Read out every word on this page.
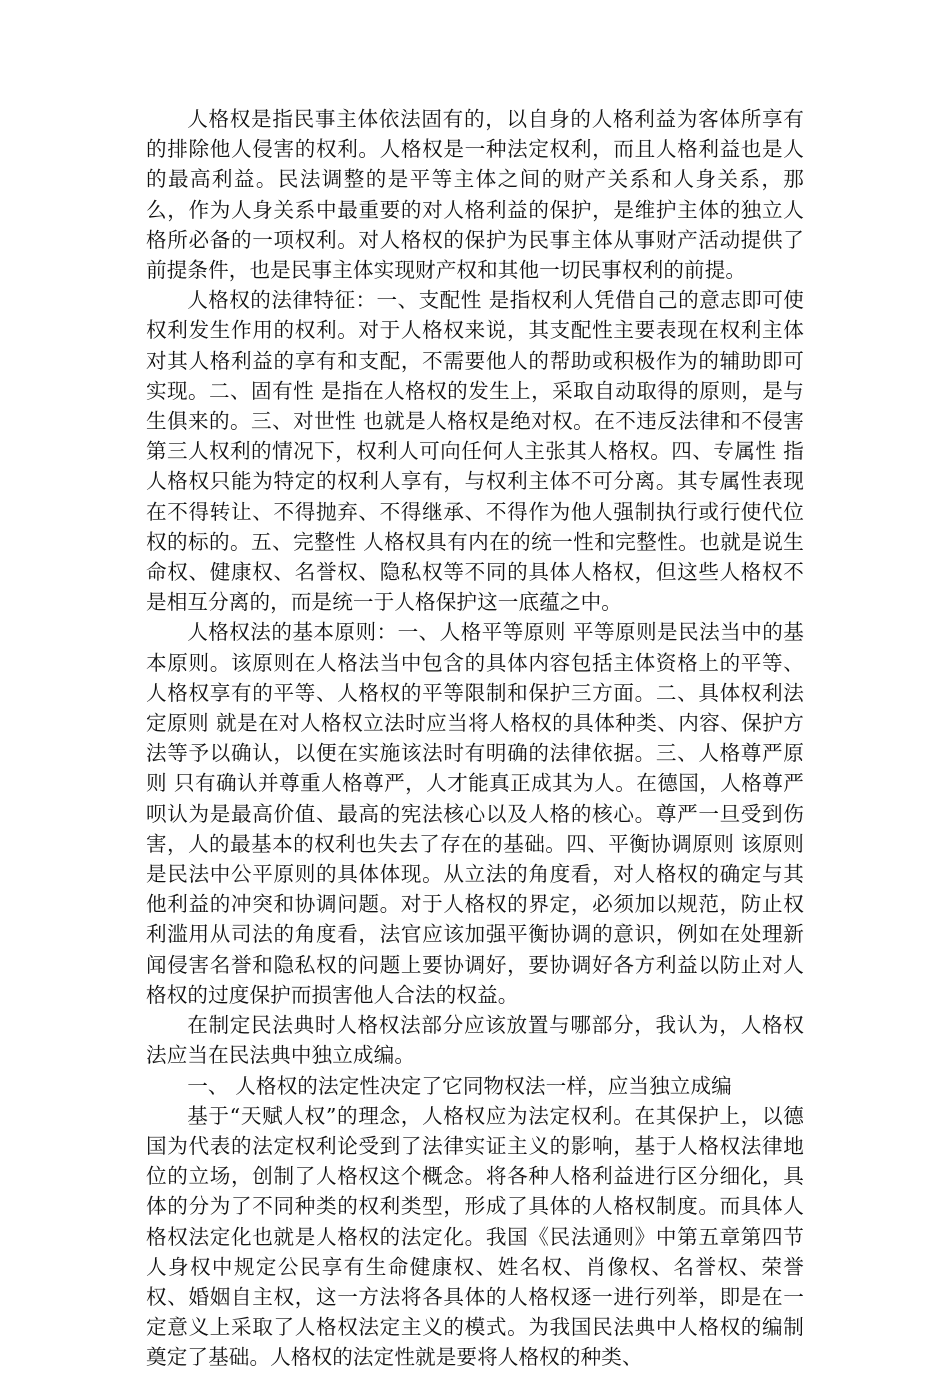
人格权是指民事主体依法固有的，以自身的人格利益为客体所享有的排除他人侵害的权利。人格权是一种法定权利，而且人格利益也是人的最高利益。民法调整的是平等主体之间的财产关系和人身关系，那么，作为人身关系中最重要的对人格利益的保护，是维护主体的独立人格所必备的一项权利。对人格权的保护为民事主体从事财产活动提供了前提条件，也是民事主体实现财产权和其他一切民事权利的前提。

人格权的法律特征：一、支配性 是指权利人凭借自己的意志即可使权利发生作用的权利。对于人格权来说，其支配性主要表现在权利主体对其人格利益的享有和支配，不需要他人的帮助或积极作为的辅助即可实现。二、固有性 是指在人格权的发生上，采取自动取得的原则，是与生俱来的。三、对世性 也就是人格权是绝对权。在不违反法律和不侵害第三人权利的情况下，权利人可向任何人主张其人格权。四、专属性 指人格权只能为特定的权利人享有，与权利主体不可分离。其专属性表现在不得转让、不得抛弃、不得继承、不得作为他人强制执行或行使代位权的标的。五、完整性 人格权具有内在的统一性和完整性。也就是说生命权、健康权、名誉权、隐私权等不同的具体人格权，但这些人格权不是相互分离的，而是统一于人格保护这一底蕴之中。

人格权法的基本原则：一、人格平等原则 平等原则是民法当中的基本原则。该原则在人格法当中包含的具体内容包括主体资格上的平等、人格权享有的平等、人格权的平等限制和保护三方面。二、具体权利法定原则 就是在对人格权立法时应当将人格权的具体种类、内容、保护方法等予以确认，以便在实施该法时有明确的法律依据。三、人格尊严原则 只有确认并尊重人格尊严，人才能真正成其为人。在德国，人格尊严呗认为是最高价值、最高的宪法核心以及人格的核心。尊严一旦受到伤害，人的最基本的权利也失去了存在的基础。四、平衡协调原则 该原则是民法中公平原则的具体体现。从立法的角度看，对人格权的确定与其他利益的冲突和协调问题。对于人格权的界定，必须加以规范，防止权利滥用从司法的角度看，法官应该加强平衡协调的意识，例如在处理新闻侵害名誉和隐私权的问题上要协调好，要协调好各方利益以防止对人格权的过度保护而损害他人合法的权益。

在制定民法典时人格权法部分应该放置与哪部分，我认为，人格权法应当在民法典中独立成编。

一、 人格权的法定性决定了它同物权法一样，应当独立成编

基于“天赋人权”的理念，人格权应为法定权利。在其保护上，以德国为代表的法定权利论受到了法律实证主义的影响，基于人格权法律地位的立场，创制了人格权这个概念。将各种人格利益进行区分细化，具体的分为了不同种类的权利类型，形成了具体的人格权制度。而具体人格权法定化也就是人格权的法定化。我国《民法通则》中第五章第四节人身权中规定公民享有生命健康权、姓名权、肖像权、名誉权、荣誉权、婚姻自主权，这一方法将各具体的人格权逐一进行列举，即是在一定意义上采取了人格权法定主义的模式。为我国民法典中人格权的编制奠定了基础。人格权的法定性就是要将人格权的种类、
